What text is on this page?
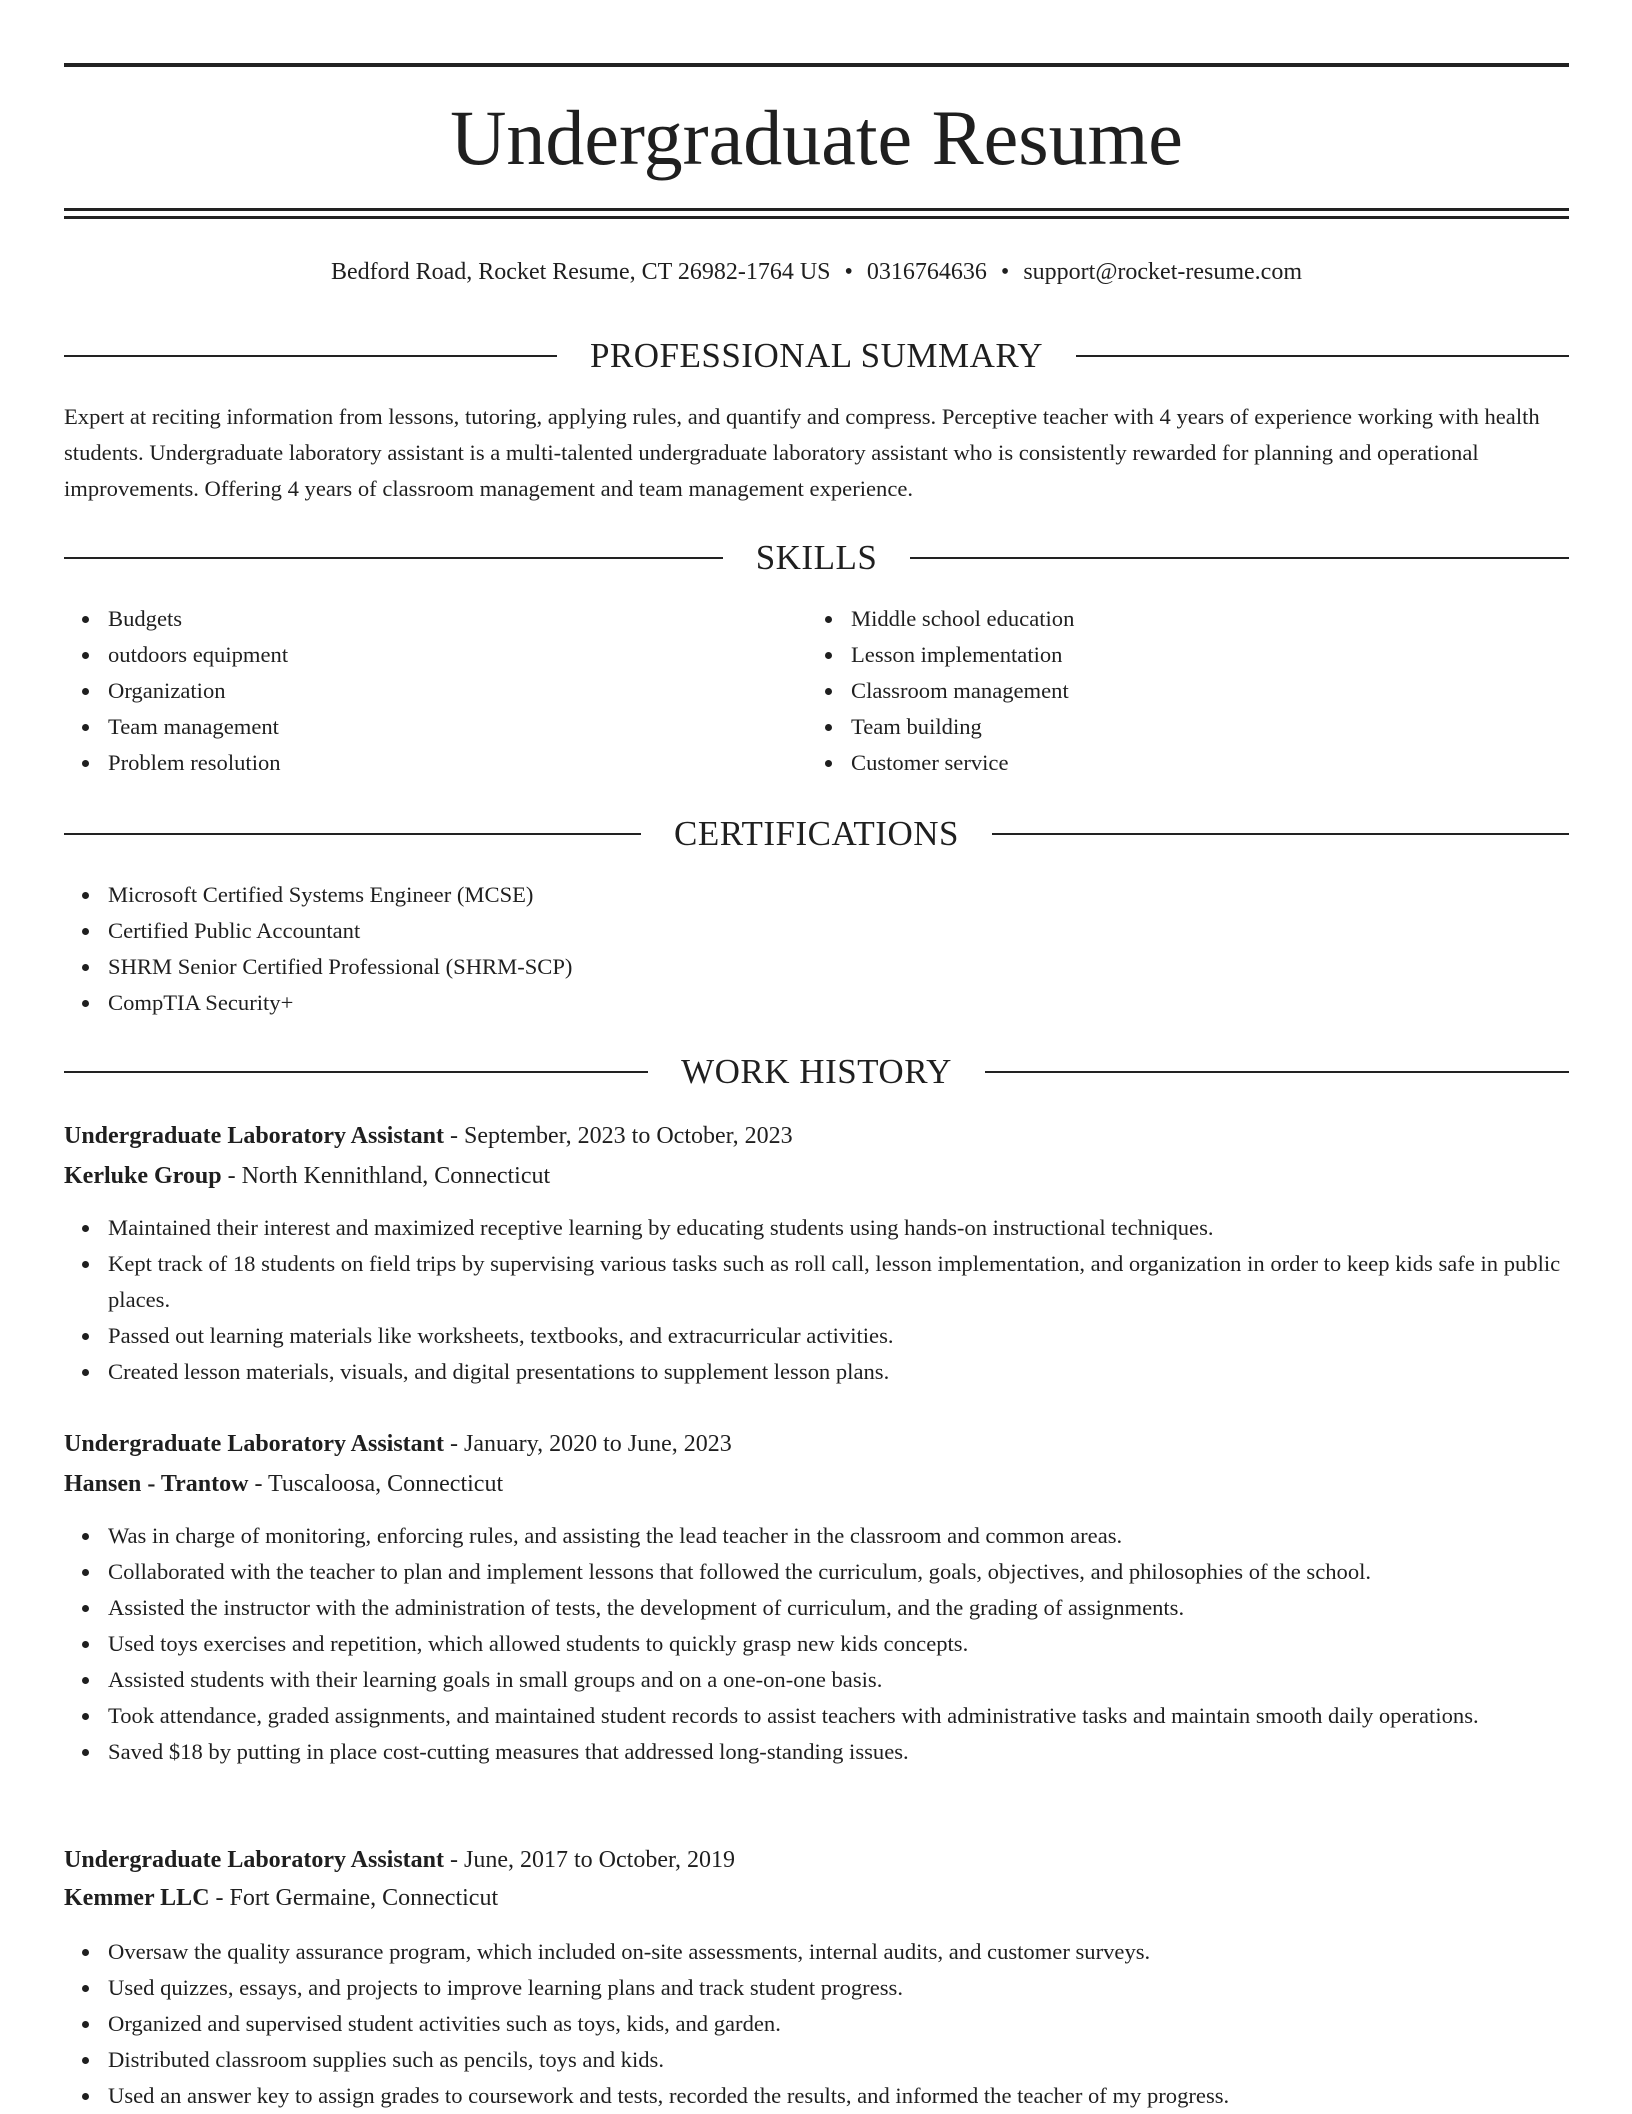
Undergraduate Resume
Bedford Road, Rocket Resume, CT 26982-1764 US • 0316764636 • support@rocket-resume.com
PROFESSIONAL SUMMARY

Expert at reciting information from lessons, tutoring, applying rules, and quantify and compress. Perceptive teacher with 4 years of experience working with health students. Undergraduate laboratory assistant is a multi-talented undergraduate laboratory assistant who is consistently rewarded for planning and operational improvements. Offering 4 years of classroom management and team management experience.

SKILLS
Budgets
outdoors equipment
Organization
Team management
Problem resolution
Middle school education
Lesson implementation
Classroom management
Team building
Customer service
CERTIFICATIONS
Microsoft Certified Systems Engineer (MCSE)
Certified Public Accountant
SHRM Senior Certified Professional (SHRM-SCP)
CompTIA Security+
WORK HISTORY
Undergraduate Laboratory Assistant - September, 2023 to October, 2023
Kerluke Group - North Kennithland, Connecticut
Maintained their interest and maximized receptive learning by educating students using hands-on instructional techniques.
Kept track of 18 students on field trips by supervising various tasks such as roll call, lesson implementation, and organization in order to keep kids safe in public places.
Passed out learning materials like worksheets, textbooks, and extracurricular activities.
Created lesson materials, visuals, and digital presentations to supplement lesson plans.
Undergraduate Laboratory Assistant - January, 2020 to June, 2023
Hansen - Trantow - Tuscaloosa, Connecticut
Was in charge of monitoring, enforcing rules, and assisting the lead teacher in the classroom and common areas.
Collaborated with the teacher to plan and implement lessons that followed the curriculum, goals, objectives, and philosophies of the school.
Assisted the instructor with the administration of tests, the development of curriculum, and the grading of assignments.
Used toys exercises and repetition, which allowed students to quickly grasp new kids concepts.
Assisted students with their learning goals in small groups and on a one-on-one basis.
Took attendance, graded assignments, and maintained student records to assist teachers with administrative tasks and maintain smooth daily operations.
Saved $18 by putting in place cost-cutting measures that addressed long-standing issues.
Undergraduate Laboratory Assistant - June, 2017 to October, 2019
Kemmer LLC - Fort Germaine, Connecticut
Oversaw the quality assurance program, which included on-site assessments, internal audits, and customer surveys.
Used quizzes, essays, and projects to improve learning plans and track student progress.
Organized and supervised student activities such as toys, kids, and garden.
Distributed classroom supplies such as pencils, toys and kids.
Used an answer key to assign grades to coursework and tests, recorded the results, and informed the teacher of my progress.
